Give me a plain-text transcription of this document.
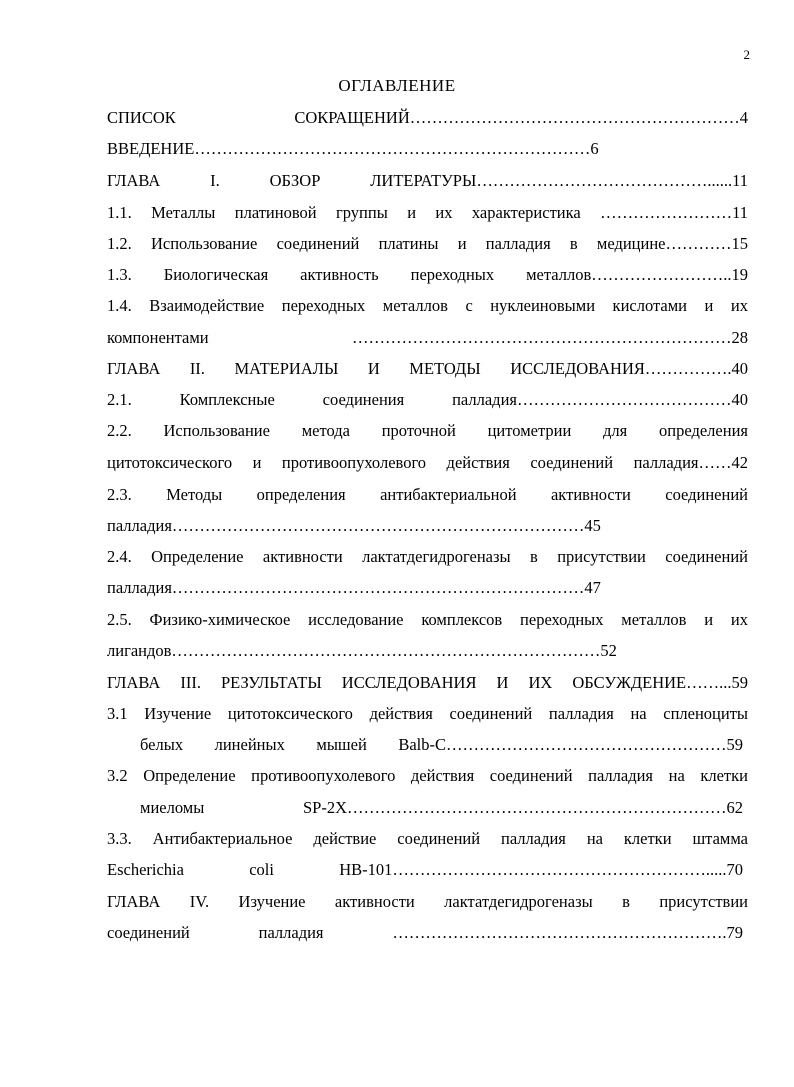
2
ОГЛАВЛЕНИЕ
СПИСОК СОКРАЩЕНИЙ……………………………………………………4
ВВЕДЕНИЕ………………………………………………………………6
ГЛАВА I. ОБЗОР ЛИТЕРАТУРЫ……………………………………......11
1.1. Металлы платиновой группы и их характеристика ……………………11
1.2. Использование соединений платины и палладия в медицине…………15
1.3. Биологическая активность переходных металлов……………………..19
1.4. Взаимодействие переходных металлов с нуклеиновыми кислотами и их
компонентами ……………………………………………………………28
ГЛАВА II. МАТЕРИАЛЫ И МЕТОДЫ ИССЛЕДОВАНИЯ…………….40
2.1. Комплексные соединения палладия…………………………………40
2.2. Использование метода проточной цитометрии для определения
цитотоксического и противоопухолевого действия соединений палладия……42
2.3. Методы определения антибактериальной активности соединений
палладия…………………………………………………………………45
2.4. Определение активности лактатдегидрогеназы в присутствии соединений
палладия…………………………………………………………………47
2.5. Физико-химическое исследование комплексов переходных металлов и их
лигандов……………………………………………………………………52
ГЛАВА III. РЕЗУЛЬТАТЫ ИССЛЕДОВАНИЯ И ИХ ОБСУЖДЕНИЕ……...59
3.1 Изучение цитотоксического действия соединений палладия на спленоциты
белых линейных мышей Balb-C……………………………………………59
3.2 Определение противоопухолевого действия соединений палладия на клетки
миеломы SP-2X……………………………………………………………62
3.3. Антибактериальное действие соединений палладия на клетки штамма
Escherichia coli HB-101………………………………………………….....70
ГЛАВА IV. Изучение активности лактатдегидрогеназы в присутствии
соединений палладия …………………………………………………….79
